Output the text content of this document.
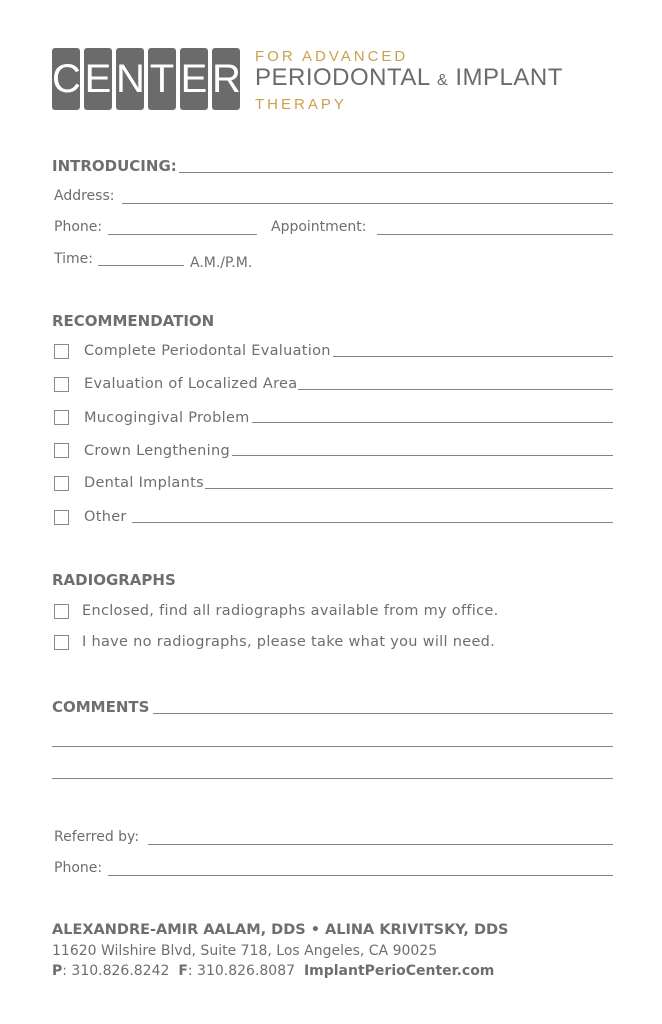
C E N T E R
FOR ADVANCED
PERIODONTAL & IMPLANT
THERAPY
INTRODUCING:
Address:
Phone:	Appointment:
Time:	A.M./P.M.
RECOMMENDATION
Complete Periodontal Evaluation
Evaluation of Localized Area
Mucogingival Problem
Crown Lengthening
Dental Implants
Other
RADIOGRAPHS
Enclosed, find all radiographs available from my office.
I have no radiographs, please take what you will need.
COMMENTS
Referred by:
Phone:
ALEXANDRE-AMIR AALAM, DDS • ALINA KRIVITSKY, DDS
11620 Wilshire Blvd, Suite 718, Los Angeles, CA 90025
P: 310.826.8242 F: 310.826.8087 ImplantPerioCenter.com
